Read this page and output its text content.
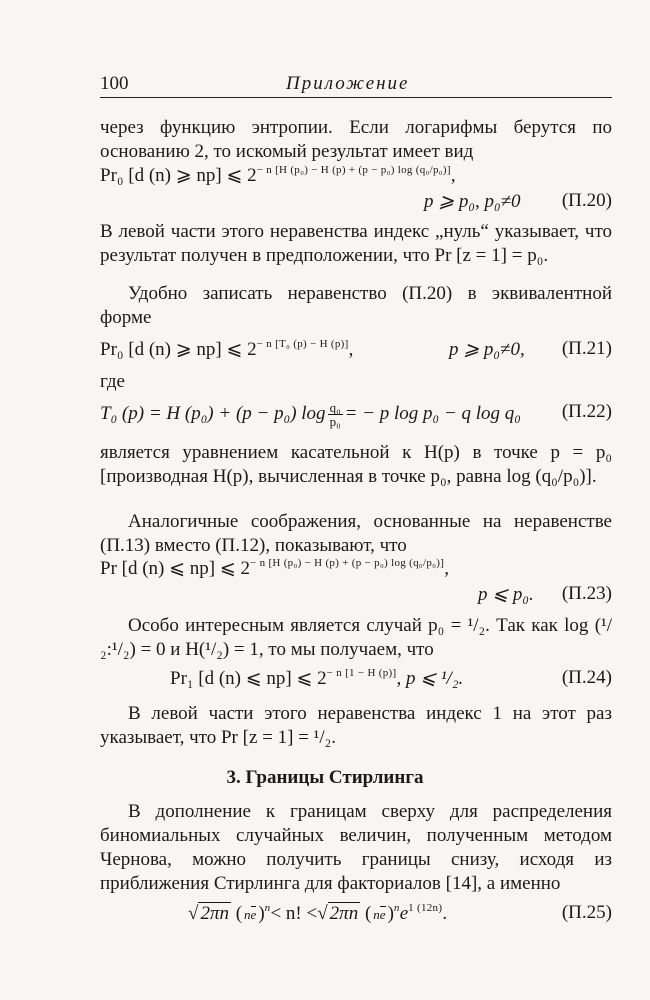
100	Приложение
через функцию энтропии. Если логарифмы берутся по основанию 2, то искомый результат имеет вид
Pr₀ [d (n) ⩾ np] ⩽ $2^{- n [H (p_0) - H (p) + (p - p_0) log (q_0/p_0)]}$,
p ⩾ p₀, p₀≠0 (П.20)
В левой части этого неравенства индекс „нуль“ указывает, что результат получен в предположении, что Pr [z = 1] = p₀.
Удобно записать неравенство (П.20) в эквивалентной форме
Pr₀ [d (n) ⩾ np] ⩽ $2^{- n [T_0 (p) - H (p)]}$,	p ⩾ p₀≠0, (П.21)
где
T₀ (p) = H (p₀) + (p − p₀) $\log \frac{\text{q₀}}{\text{p₀}}$ = − p log p₀ − q log q₀ (П.22)
является уравнением касательной к H(p) в точке p = p₀ [производная H(p), вычисленная в точке p₀, равна log (q₀/p₀)].
Аналогичные соображения, основанные на неравенстве (П.13) вместо (П.12), показывают, что
Pr [d (n) ⩽ np] ⩽ $2^{- n [H (p_0) - H (p) + (p - p_0) log (q_0/p_0)]}$,
p ⩽ p₀. (П.23)
Особо интересным является случай p₀ = ¹/₂. Так как log (¹/₂:¹/₂) = 0 и H(¹/₂) = 1, то мы получаем, что
Pr₁ [d (n) ⩽ np] ⩽ $2^{- n [1 - H (p)]}$, p ⩽ ¹/₂.	(П.24)
В левой части этого неравенства индекс 1 на этот раз указывает, что Pr [z = 1] = ¹/₂.
3. Границы Стирлинга
В дополнение к границам сверху для распределения биномиальных случайных величин, полученным методом Чернова, можно получить границы снизу, исходя из приближения Стирлинга для факториалов [14], а именно
√ 2πn ( ne )$^n$< n! <√ 2πn ( ne )$^ne^{1 (12n)}$.	(П.25)
